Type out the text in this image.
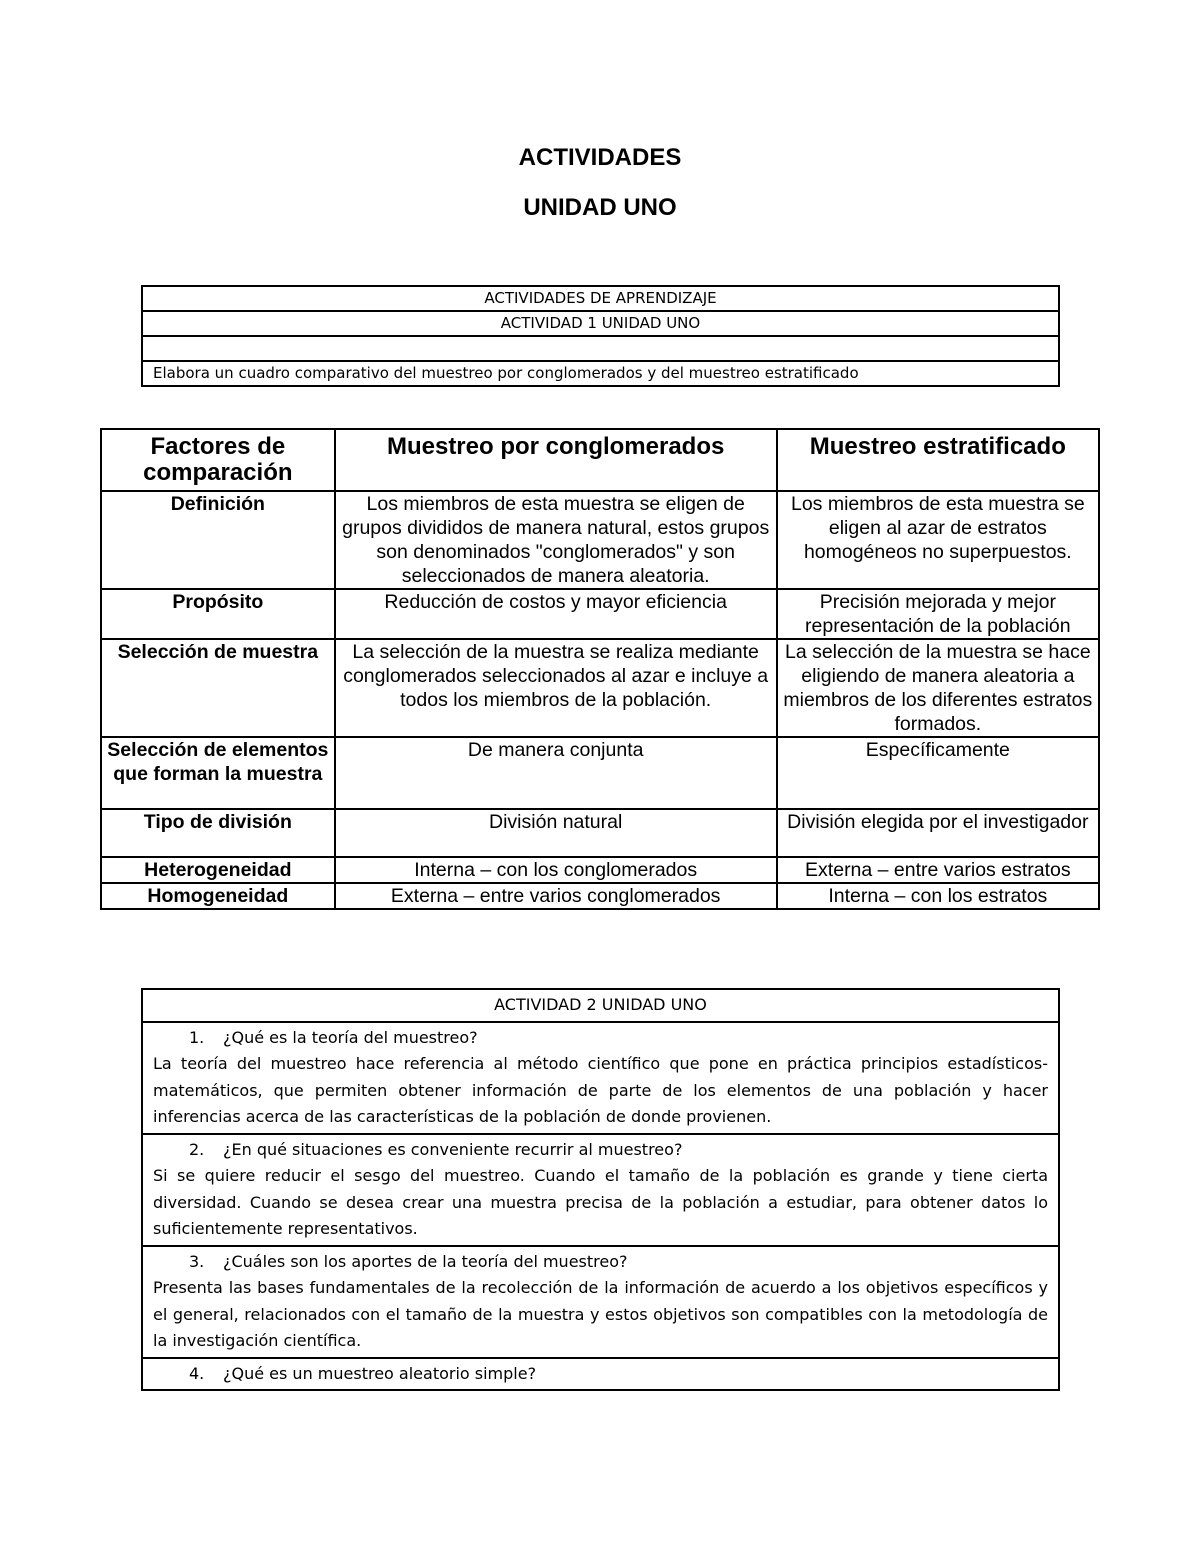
ACTIVIDADES
UNIDAD UNO
ACTIVIDADES DE APRENDIZAJE
ACTIVIDAD 1 UNIDAD UNO

Elabora un cuadro comparativo del muestreo por conglomerados y del muestreo estratificado
Factores de comparación	Muestreo por conglomerados	Muestreo estratificado
Definición	Los miembros de esta muestra se eligen de grupos divididos de manera natural, estos grupos son denominados "conglomerados" y son seleccionados de manera aleatoria.	Los miembros de esta muestra se eligen al azar de estratos homogéneos no superpuestos.
Propósito	Reducción de costos y mayor eficiencia	Precisión mejorada y mejor representación de la población
Selección de muestra	La selección de la muestra se realiza mediante conglomerados seleccionados al azar e incluye a todos los miembros de la población.	La selección de la muestra se hace eligiendo de manera aleatoria a miembros de los diferentes estratos formados.
Selección de elementos que forman la muestra	De manera conjunta	Específicamente
Tipo de división	División natural	División elegida por el investigador
Heterogeneidad	Interna – con los conglomerados	Externa – entre varios estratos
Homogeneidad	Externa – entre varios conglomerados	Interna – con los estratos
ACTIVIDAD 2 UNIDAD UNO

1. ¿Qué es la teoría del muestreo?
La teoría del muestreo hace referencia al método científico que pone en práctica principios estadísticos-matemáticos, que permiten obtener información de parte de los elementos de una población y hacer inferencias acerca de las características de la población de donde provienen.

2. ¿En qué situaciones es conveniente recurrir al muestreo?
Si se quiere reducir el sesgo del muestreo. Cuando el tamaño de la población es grande y tiene cierta diversidad. Cuando se desea crear una muestra precisa de la población a estudiar, para obtener datos lo suficientemente representativos.

3. ¿Cuáles son los aportes de la teoría del muestreo?
Presenta las bases fundamentales de la recolección de la información de acuerdo a los objetivos específicos y el general, relacionados con el tamaño de la muestra y estos objetivos son compatibles con la metodología de la investigación científica.

4. ¿Qué es un muestreo aleatorio simple?
